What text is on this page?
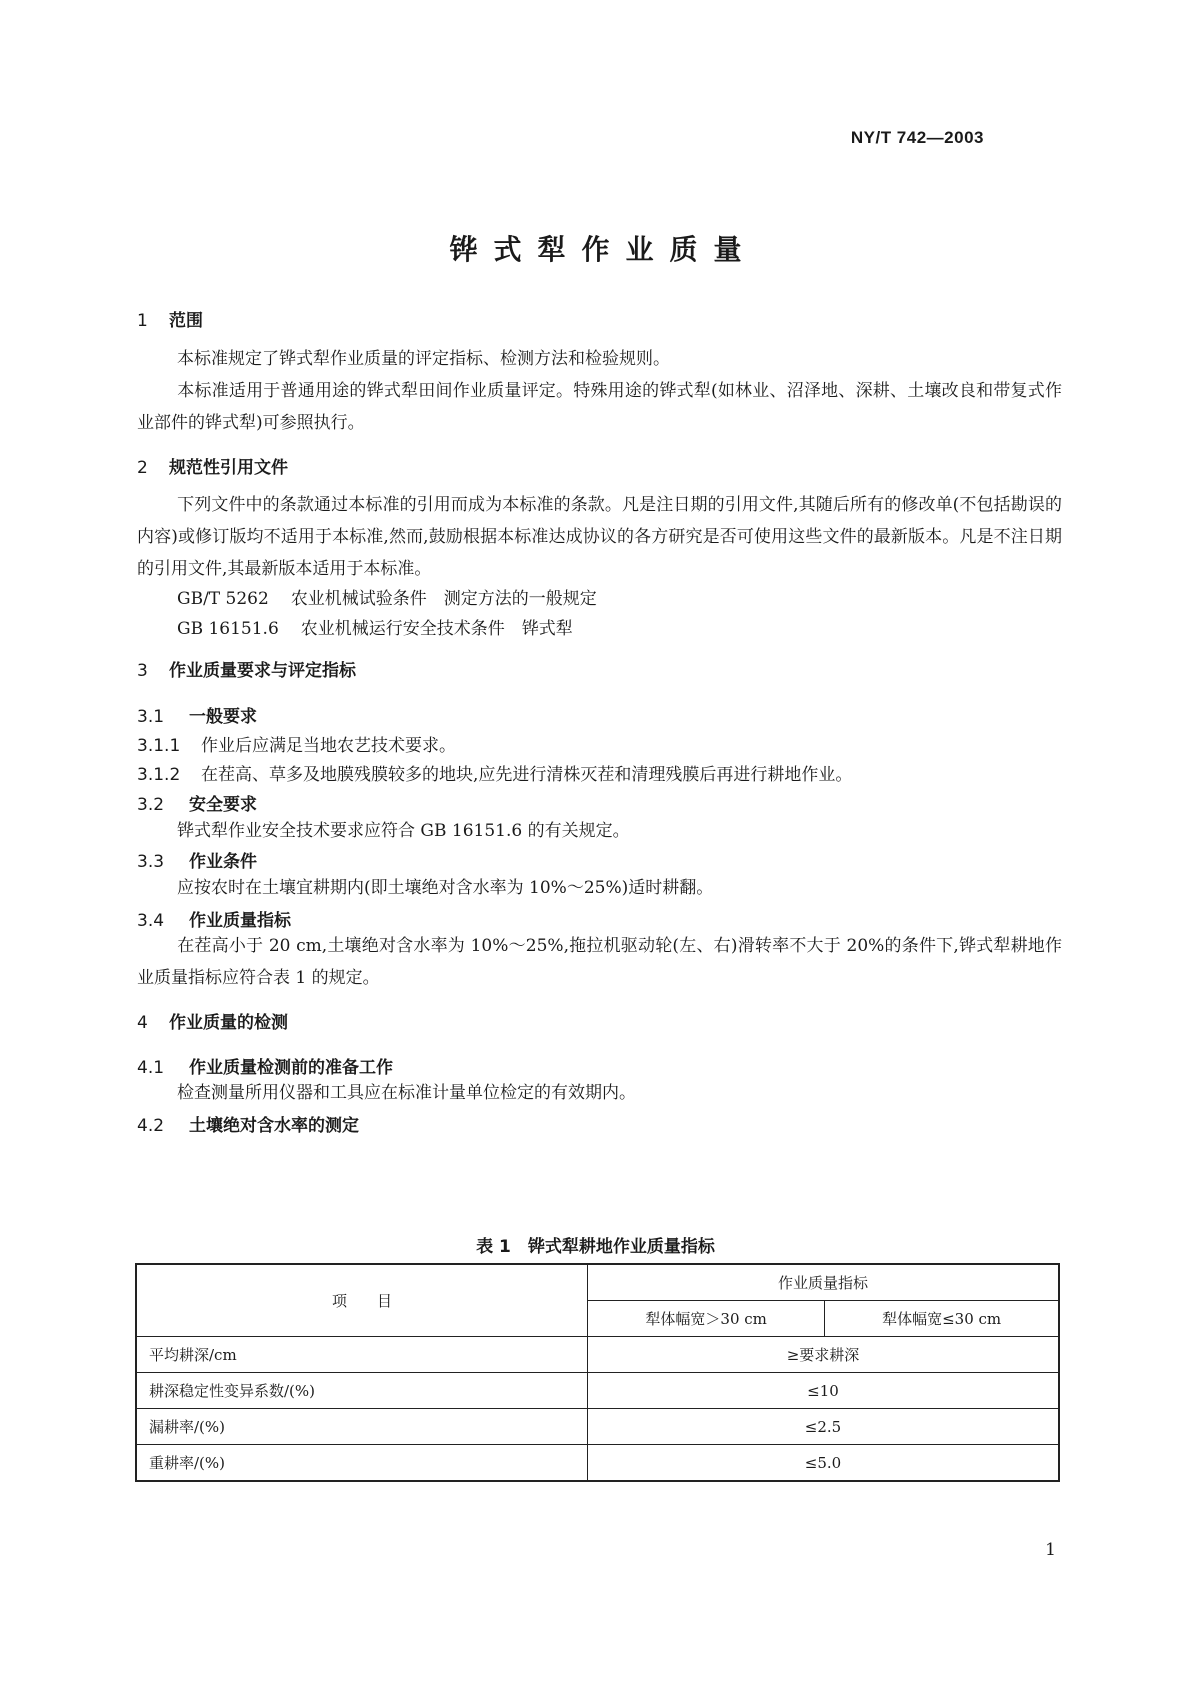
NY/T 742—2003
铧式犁作业质量
1 范围
本标准规定了铧式犁作业质量的评定指标、检测方法和检验规则。
本标准适用于普通用途的铧式犁田间作业质量评定。特殊用途的铧式犁(如林业、沼泽地、深耕、土壤改良和带复式作业部件的铧式犁)可参照执行。
2 规范性引用文件
下列文件中的条款通过本标准的引用而成为本标准的条款。凡是注日期的引用文件,其随后所有的修改单(不包括勘误的内容)或修订版均不适用于本标准,然而,鼓励根据本标准达成协议的各方研究是否可使用这些文件的最新版本。凡是不注日期的引用文件,其最新版本适用于本标准。
GB/T 5262 农业机械试验条件　测定方法的一般规定
GB 16151.6 农业机械运行安全技术条件　铧式犁
3 作业质量要求与评定指标
3.1 一般要求
3.1.1 作业后应满足当地农艺技术要求。
3.1.2 在茬高、草多及地膜残膜较多的地块,应先进行清株灭茬和清理残膜后再进行耕地作业。
3.2 安全要求
铧式犁作业安全技术要求应符合 GB 16151.6 的有关规定。
3.3 作业条件
应按农时在土壤宜耕期内(即土壤绝对含水率为 10%～25%)适时耕翻。
3.4 作业质量指标
在茬高小于 20 cm,土壤绝对含水率为 10%～25%,拖拉机驱动轮(左、右)滑转率不大于 20%的条件下,铧式犁耕地作业质量指标应符合表 1 的规定。
4 作业质量的检测
4.1 作业质量检测前的准备工作
检查测量所用仪器和工具应在标准计量单位检定的有效期内。
4.2 土壤绝对含水率的测定
表 1　铧式犁耕地作业质量指标
项　　目	作业质量指标	
	犁体幅宽＞30 cm	犁体幅宽≤30 cm
平均耕深/cm	≥要求耕深	
耕深稳定性变异系数/(%)	≤10	
漏耕率/(%)	≤2.5	
重耕率/(%)	≤5.0	
1
